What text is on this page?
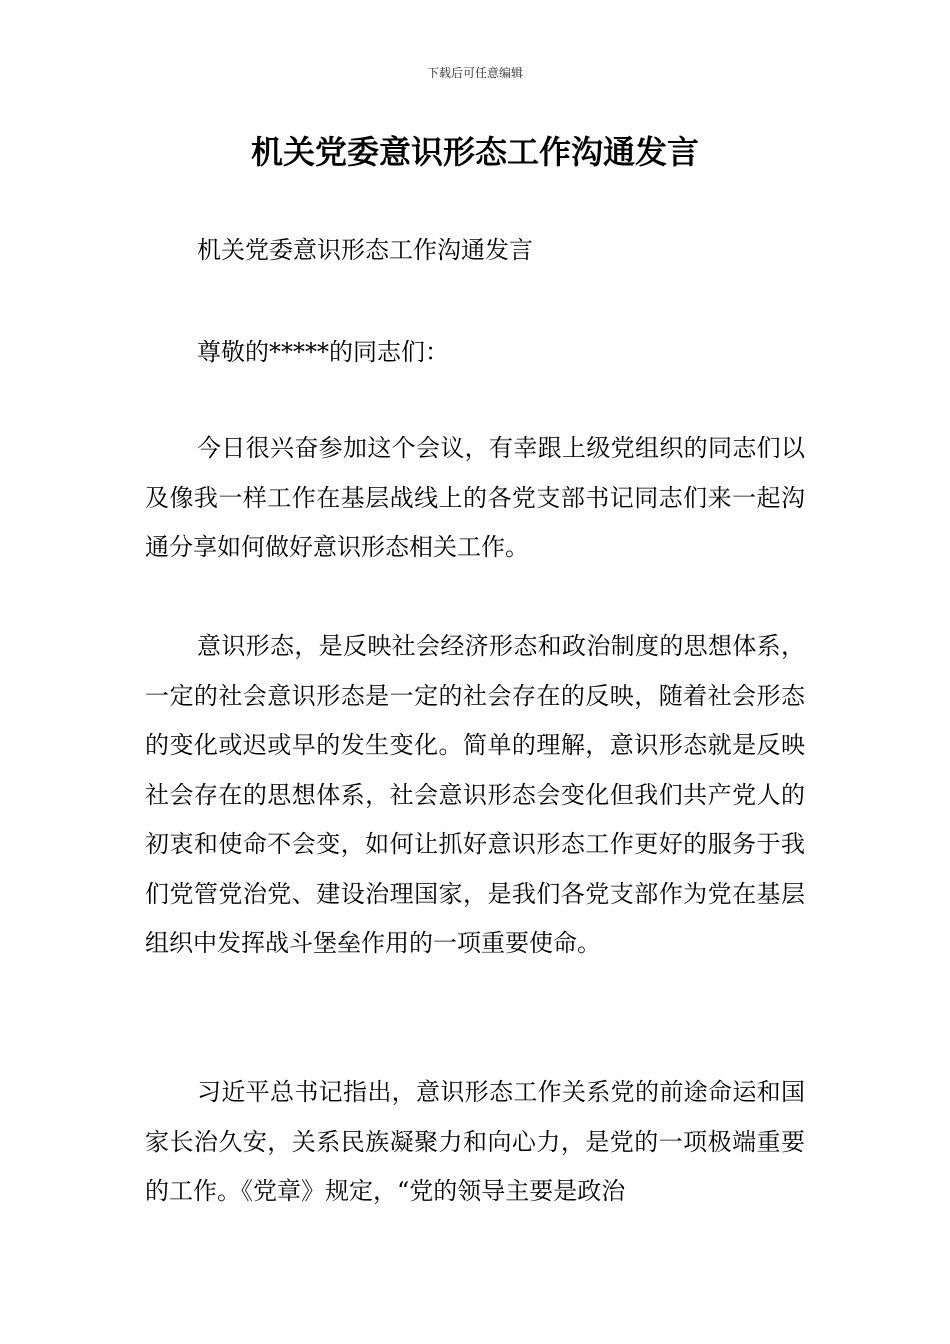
下载后可任意编辑
机关党委意识形态工作沟通发言

机关党委意识形态工作沟通发言

尊敬的*****的同志们：

今日很兴奋参加这个会议，有幸跟上级党组织的同志们以及像我一样工作在基层战线上的各党支部书记同志们来一起沟通分享如何做好意识形态相关工作。

意识形态，是反映社会经济形态和政治制度的思想体系，一定的社会意识形态是一定的社会存在的反映，随着社会形态的变化或迟或早的发生变化。简单的理解，意识形态就是反映社会存在的思想体系，社会意识形态会变化但我们共产党人的初衷和使命不会变，如何让抓好意识形态工作更好的服务于我们党管党治党、建设治理国家，是我们各党支部作为党在基层组织中发挥战斗堡垒作用的一项重要使命。

习近平总书记指出，意识形态工作关系党的前途命运和国家长治久安，关系民族凝聚力和向心力，是党的一项极端重要的工作。《党章》规定，“党的领导主要是政治
